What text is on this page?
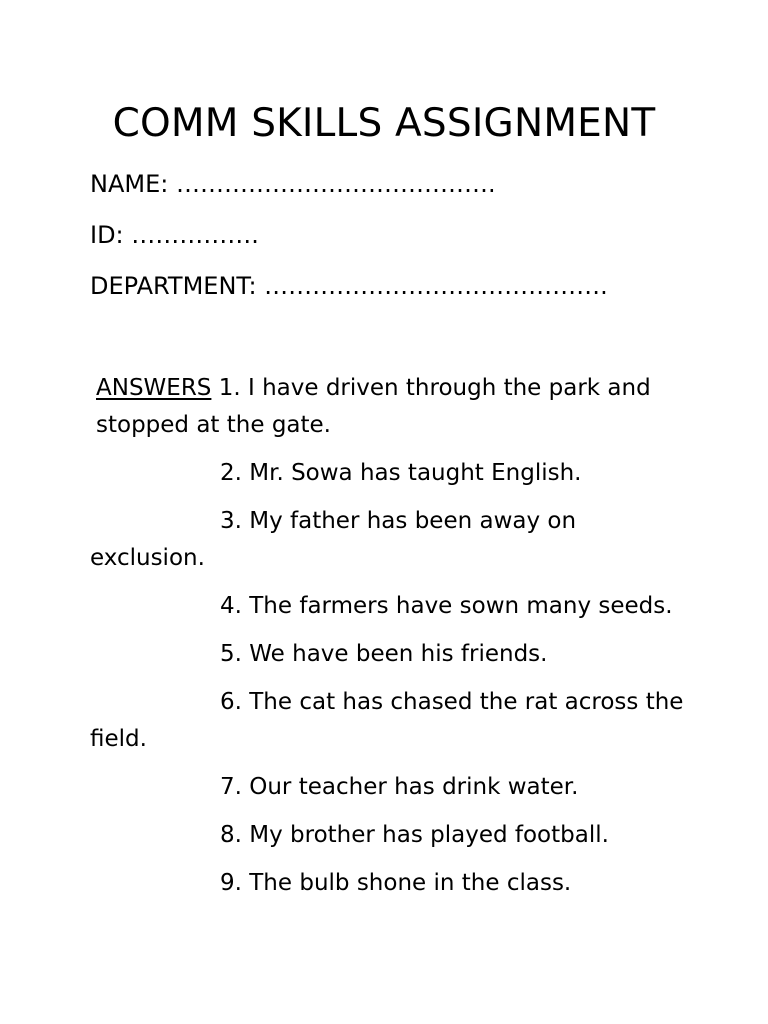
COMM SKILLS ASSIGNMENT
NAME: ………………………………….
ID: …………….
DEPARTMENT: …………………………………….
ANSWERS 1. I have driven through the park and stopped at the gate.
2. Mr. Sowa has taught English.
3. My father has been away on exclusion.
4. The farmers have sown many seeds.
5. We have been his friends.
6. The cat has chased the rat across the field.
7. Our teacher has drink water.
8. My brother has played football.
9. The bulb shone in the class.
